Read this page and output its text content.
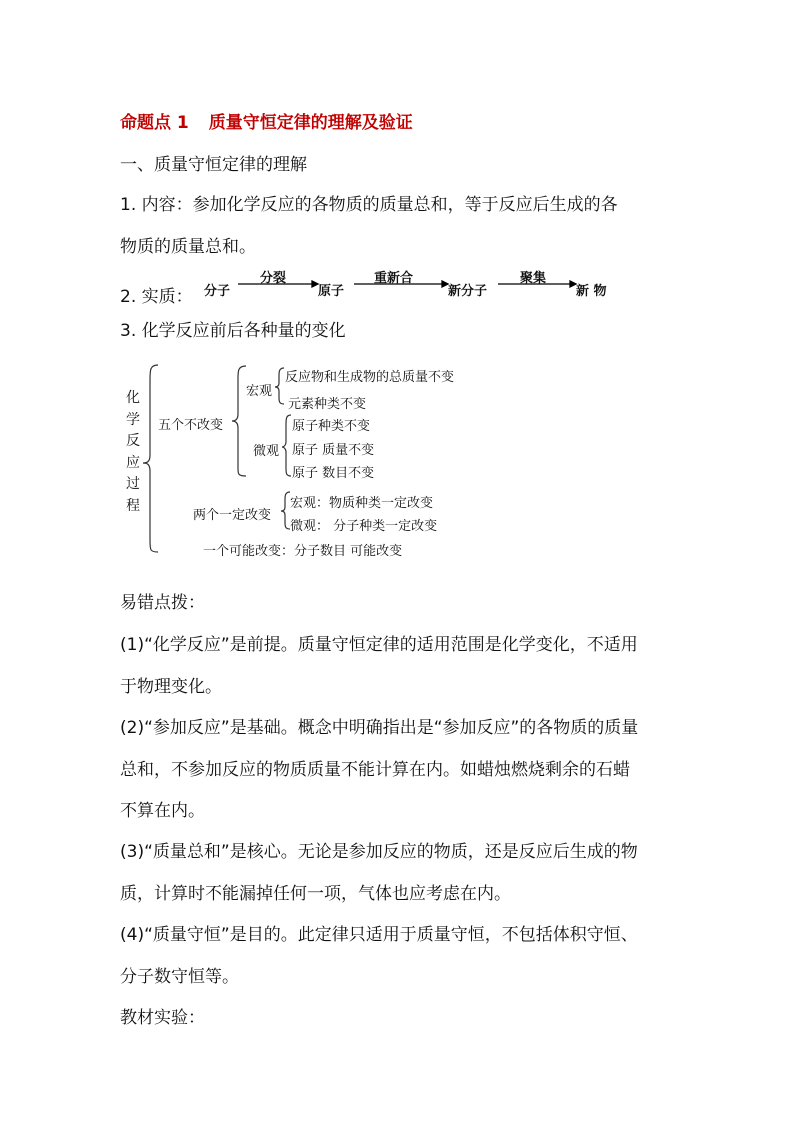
命题点 1 质量守恒定律的理解及验证
一、质量守恒定律的理解
1. 内容：参加化学反应的各物质的质量总和，等于反应后生成的各
物质的质量总和。
2. 实质： 分子
分裂
原子
重新合
新分子
聚集
新 物
3. 化学反应前后各种量的变化
化
学
反
应
过
程
五个不改变
宏观
反应物和生成物的总质量不变
元素种类不变
微观
原子种类不变
原子 质量不变
原子 数目不变
两个一定改变
宏观：物质种类一定改变
微观： 分子种类一定改变
一个可能改变：分子数目 可能改变
易错点拨：
(1)“化学反应”是前提。质量守恒定律的适用范围是化学变化，不适用
于物理变化。
(2)“参加反应”是基础。概念中明确指出是“参加反应”的各物质的质量
总和，不参加反应的物质质量不能计算在内。如蜡烛燃烧剩余的石蜡
不算在内。
(3)“质量总和”是核心。无论是参加反应的物质，还是反应后生成的物
质，计算时不能漏掉任何一项，气体也应考虑在内。
(4)“质量守恒”是目的。此定律只适用于质量守恒，不包括体积守恒、
分子数守恒等。
教材实验：
